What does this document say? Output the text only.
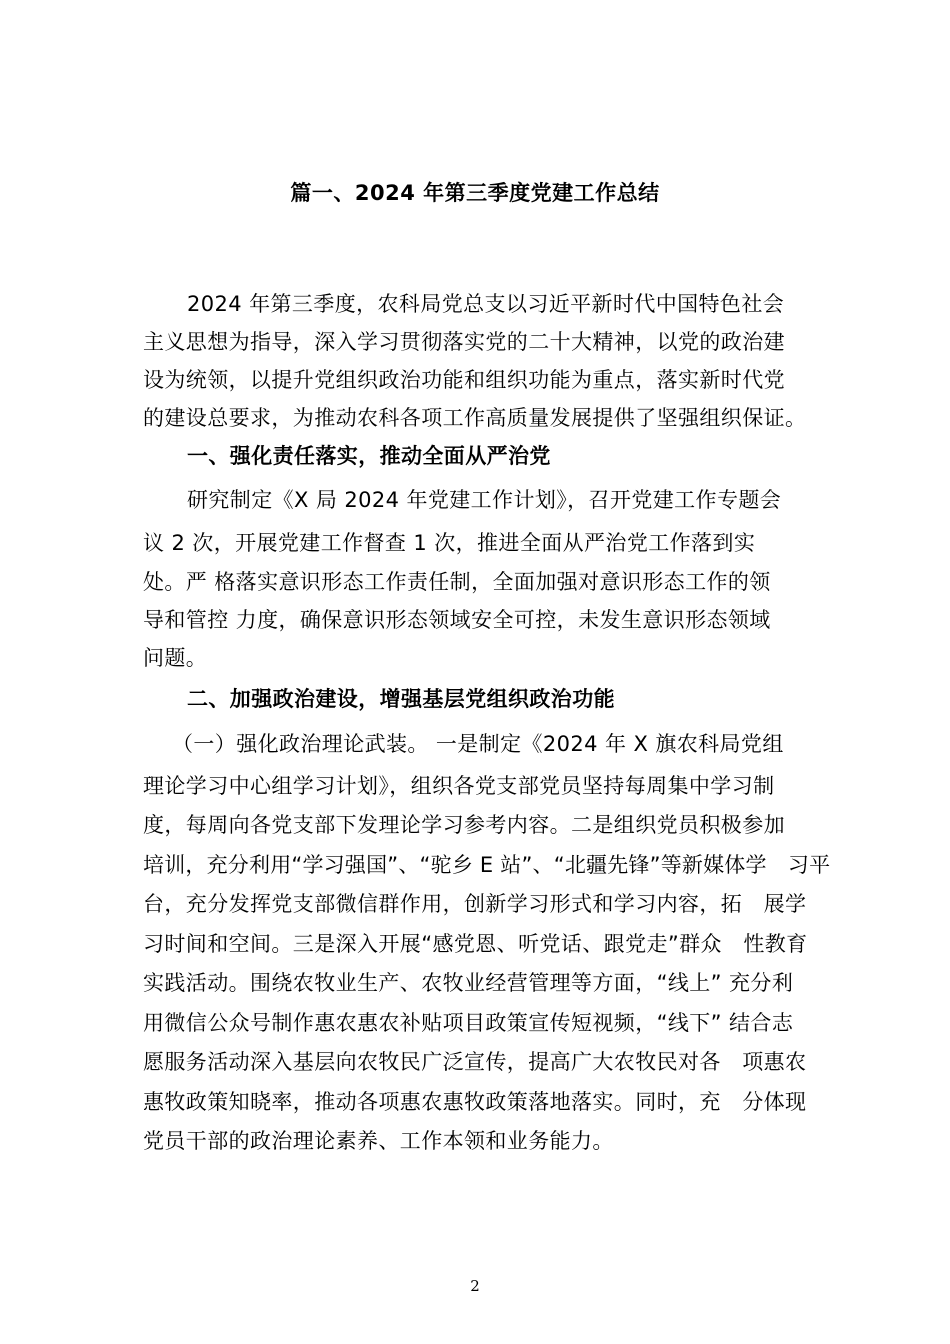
篇一、2024 年第三季度党建工作总结
2024 年第三季度，农科局党总支以习近平新时代中国特色社会
主义思想为指导，深入学习贯彻落实党的二十大精神，以党的政治建
设为统领，以提升党组织政治功能和组织功能为重点，落实新时代党
的建设总要求，为推动农科各项工作高质量发展提供了坚强组织保证。
一、强化责任落实，推动全面从严治党
研究制定《X 局 2024 年党建工作计划》，召开党建工作专题会
议 2 次，开展党建工作督查 1 次，推进全面从严治党工作落到实
处。严 格落实意识形态工作责任制，全面加强对意识形态工作的领
导和管控 力度，确保意识形态领域安全可控，未发生意识形态领域
问题。
二、加强政治建设，增强基层党组织政治功能
（一）强化政治理论武装。 一是制定《2024 年 X 旗农科局党组
理论学习中心组学习计划》，组织各党支部党员坚持每周集中学习制
度，每周向各党支部下发理论学习参考内容。二是组织党员积极参加
培训，充分利用“学习强国”、“驼乡 E 站”、“北疆先锋”等新媒体学　习平
台，充分发挥党支部微信群作用，创新学习形式和学习内容，拓　展学
习时间和空间。三是深入开展“感党恩、听党话、跟党走”群众　性教育
实践活动。围绕农牧业生产、农牧业经营管理等方面，“线上” 充分利
用微信公众号制作惠农惠农补贴项目政策宣传短视频，“线下” 结合志
愿服务活动深入基层向农牧民广泛宣传，提高广大农牧民对各　项惠农
惠牧政策知晓率，推动各项惠农惠牧政策落地落实。同时，充　分体现
党员干部的政治理论素养、工作本领和业务能力。
2
